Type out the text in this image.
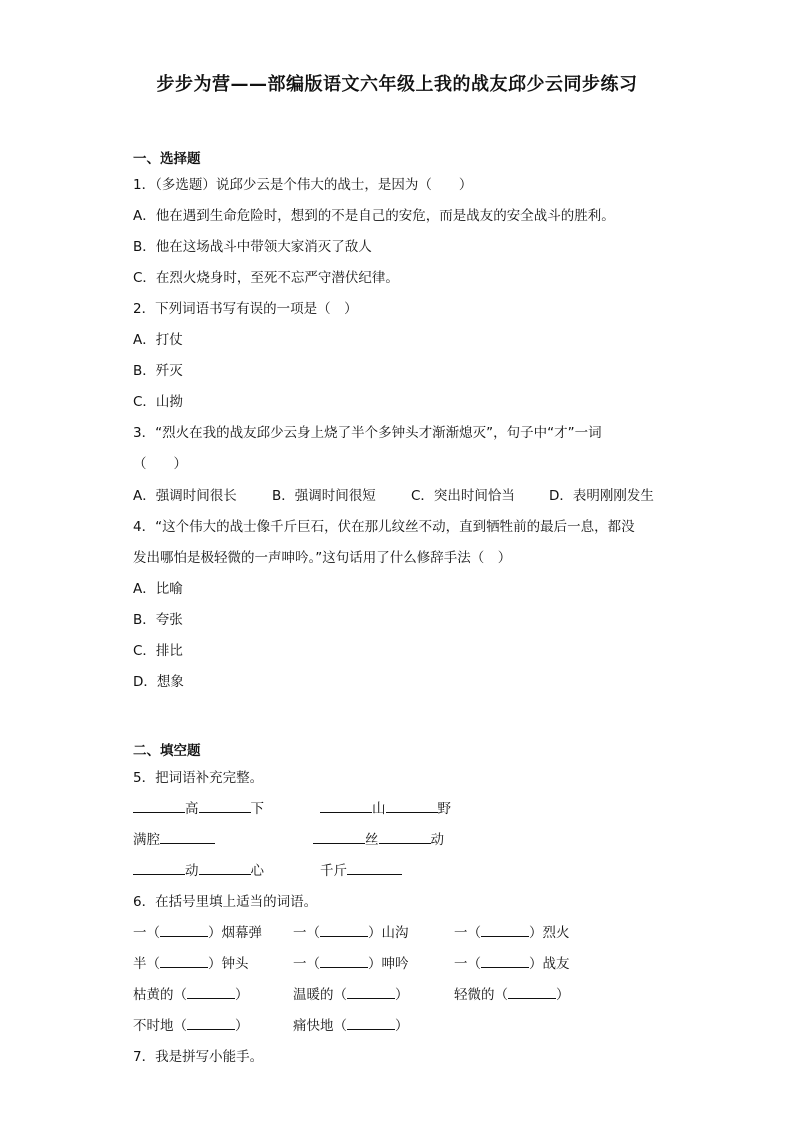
步步为营——部编版语文六年级上我的战友邱少云同步练习
一、选择题
1．（多选题）说邱少云是个伟大的战士，是因为（　　）
A．他在遇到生命危险时，想到的不是自己的安危，而是战友的安全战斗的胜利。
B．他在这场战斗中带领大家消灭了敌人
C．在烈火烧身时，至死不忘严守潜伏纪律。
2．下列词语书写有误的一项是（　）
A．打仗
B．歼灭
C．山拗
3．“烈火在我的战友邱少云身上烧了半个多钟头才渐渐熄灭”，句子中“才”一词
（　　）
A．强调时间很长	B．强调时间很短	C．突出时间恰当	D．表明刚刚发生
4．“这个伟大的战士像千斤巨石，伏在那儿纹丝不动，直到牺牲前的最后一息，都没
发出哪怕是极轻微的一声呻吟。”这句话用了什么修辞手法（　）
A．比喻
B．夸张
C．排比
D．想象
二、填空题
5．把词语补充完整。
高	下	山	野
满腔	丝	动
动	心	千斤
6．在括号里填上适当的词语。
一（	）烟幕弹 一（	）山沟	一（	）烈火
半（	）钟头	一（	）呻吟	一（	）战友
枯黄的（	）	温暖的（	）	轻微的（	）
不时地（	）	痛快地（	）
7．我是拼写小能手。
